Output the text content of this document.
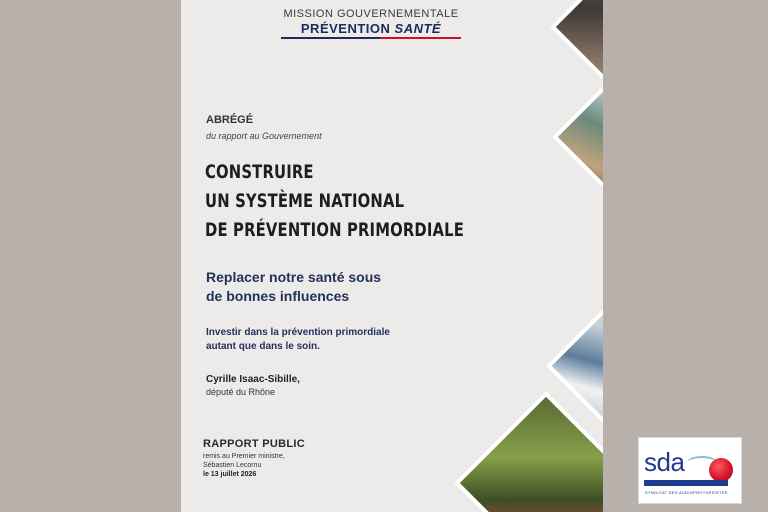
MISSION GOUVERNEMENTALE
PRÉVENTION SANTÉ
ABRÉGÉ
du rapport au Gouvernement
CONSTRUIRE
UN SYSTÈME NATIONAL
DE PRÉVENTION PRIMORDIALE
Replacer notre santé sous
de bonnes influences
Investir dans la prévention primordiale
autant que dans le soin.
Cyrille Isaac-Sibille,
député du Rhône
RAPPORT PUBLIC
remis au Premier ministre,
Sébastien Lecornu
le 13 juillet 2026	sda
SYNDICAT DES AUDIOPROTHESISTES
